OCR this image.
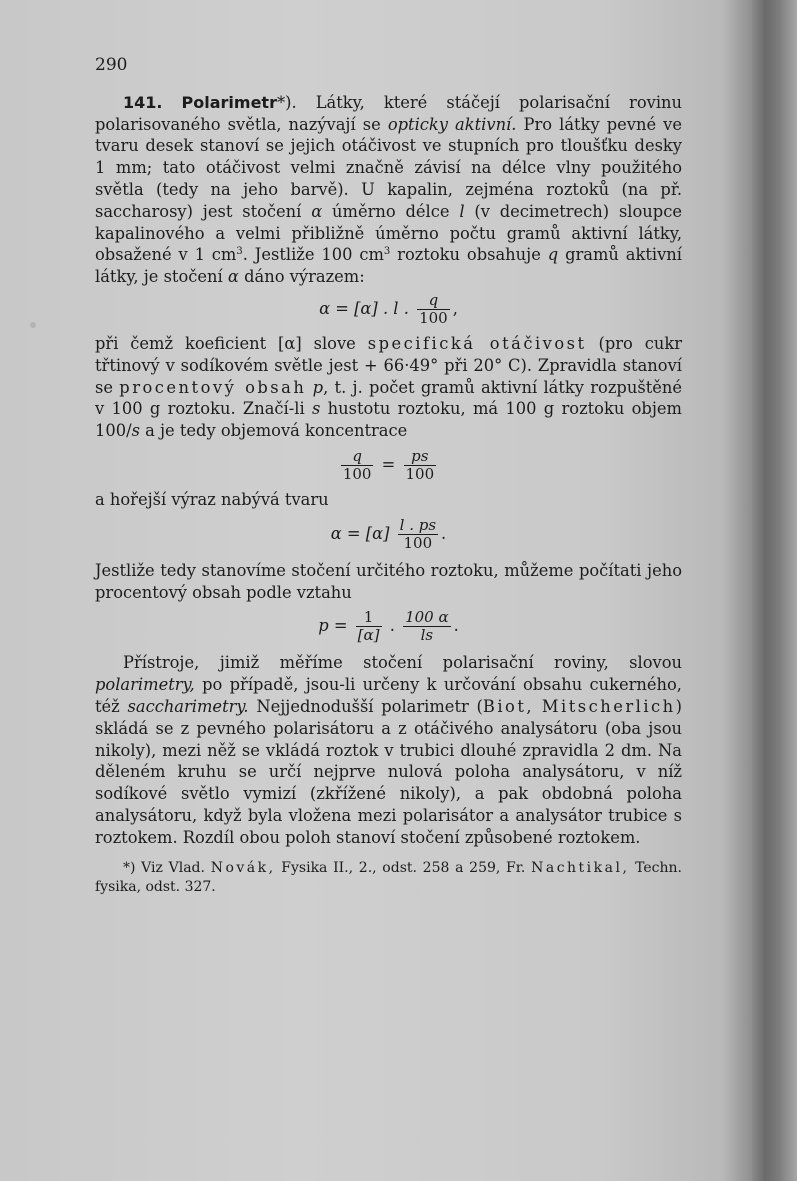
290

141. Polarimetr*). Látky, které stáčejí polarisační rovinu polarisovaného světla, nazývají se opticky aktivní. Pro látky pevné ve tvaru desek stanoví se jejich otáčivost ve stupních pro tloušťku desky 1 mm; tato otáčivost velmi značně závisí na délce vlny použitého světla (tedy na jeho barvě). U kapalin, zejména roztoků (na př. saccharosy) jest stočení α úměrno délce l (v decimetrech) sloupce kapalinového a velmi přibližně úměrno počtu gramů aktivní látky, obsažené v 1 $cm^3$. Jestliže 100 $cm^3$ roztoku obsahuje q gramů aktivní látky, je stočení α dáno výrazem:

α = [α] . l . $\frac{q}{100}$ ,

při čemž koeficient [α] slove specifická otáčivost (pro cukr třtinový v sodíkovém světle jest + 66·49° při 20° C). Zpravidla stanoví se procentový obsah p, t. j. počet gramů aktivní látky rozpuštěné v 100 g roztoku. Značí-li s hustotu roztoku, má 100 g roztoku objem 100/s a je tedy objemová koncentrace

$\frac{q}{100} = \frac{ps}{100}$

a hořejší výraz nabývá tvaru

$\alpha = [\alpha] \frac{l . ps}{100}$ .

Jestliže tedy stanovíme stočení určitého roztoku, můžeme počítati jeho procentový obsah podle vztahu

$p = \frac{1}{[\alpha]}$ . $\frac{100 \alpha}{ls}$ .

Přístroje, jimiž měříme stočení polarisační roviny, slovou polarimetry, po případě, jsou-li určeny k určování obsahu cukerného, též saccharimetry. Nejjednodušší polarimetr (Biot, Mitscherlich) skládá se z pevného polarisátoru a z otáčivého analysátoru (oba jsou nikoly), mezi něž se vkládá roztok v trubici dlouhé zpravidla 2 dm. Na děleném kruhu se určí nejprve nulová poloha analysátoru, v níž sodíkové světlo vymizí (zkřížené nikoly), a pak obdobná poloha analysátoru, když byla vložena mezi polarisátor a analysátor trubice s roztokem. Rozdíl obou poloh stanoví stočení způsobené roztokem.

*) Viz Vlad. Novák, Fysika II., 2., odst. 258 a 259, Fr. Nachtikal, Techn. fysika, odst. 327.
